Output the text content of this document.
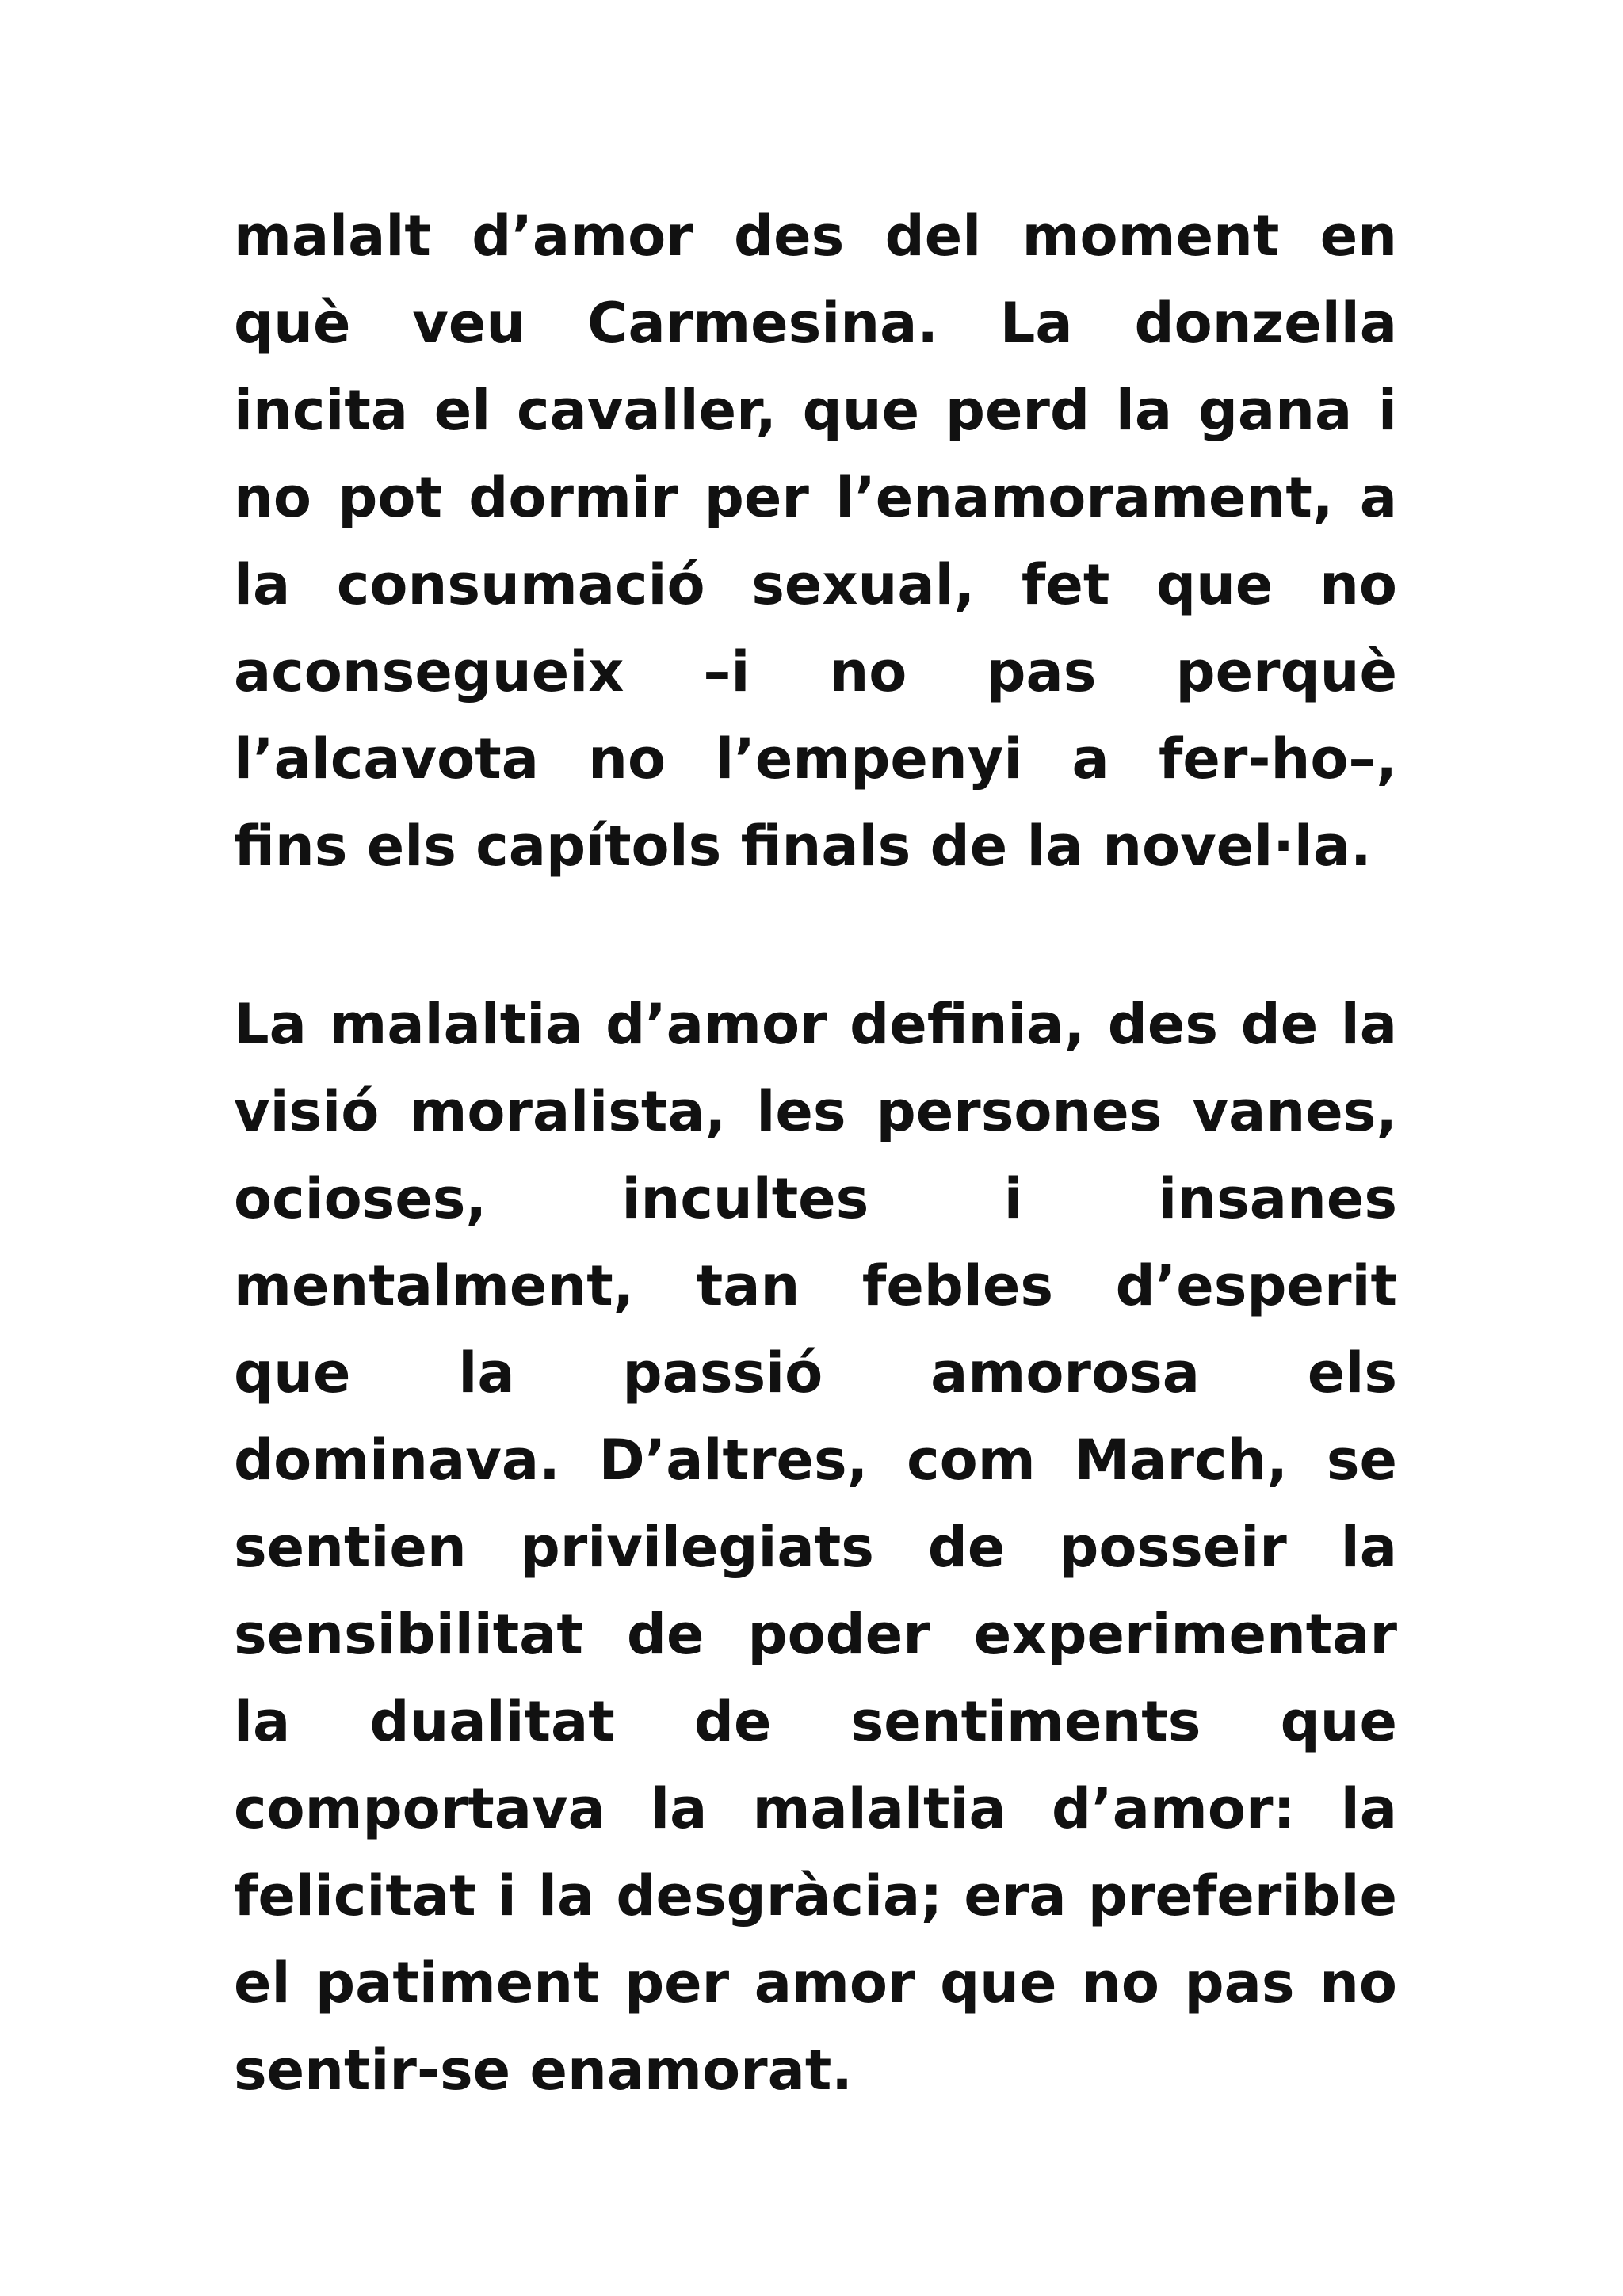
malalt d’amor des del moment en
què veu Carmesina. La donzella
incita el cavaller, que perd la gana i
no pot dormir per l’enamorament, a
la consumació sexual, fet que no
aconsegueix –i no pas perquè
l’alcavota no l’empenyi a fer-ho–,
fins els capítols finals de la novel·la.
La malaltia d’amor definia, des de la
visió moralista, les persones vanes,
ocioses, incultes i insanes
mentalment, tan febles d’esperit
que la passió amorosa els
dominava. D’altres, com March, se
sentien privilegiats de posseir la
sensibilitat de poder experimentar
la dualitat de sentiments que
comportava la malaltia d’amor: la
felicitat i la desgràcia; era preferible
el patiment per amor que no pas no
sentir-se enamorat.
